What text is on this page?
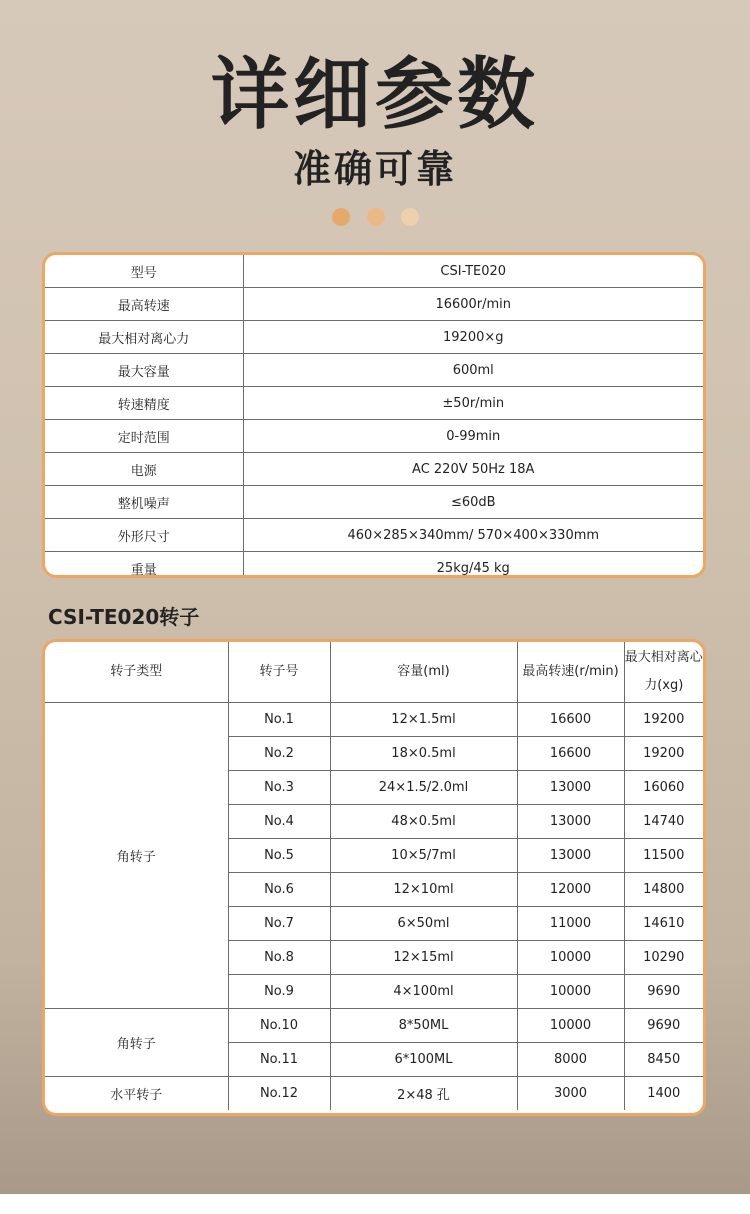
详细参数
准确可靠
型号	CSI-TE020
最高转速	16600r/min
最大相对离心力	19200×g
最大容量	600ml
转速精度	±50r/min
定时范围	0-99min
电源	AC 220V 50Hz 18A
整机噪声	≤60dB
外形尺寸	460×285×340mm/ 570×400×330mm
重量	25kg/45 kg
CSI-TE020转子
转子类型	转子号	容量(ml)	最高转速(r/min)	最大相对离心力(xg)
角转子	No.1	12×1.5ml	16600	19200
	No.2	18×0.5ml	16600	19200
	No.3	24×1.5/2.0ml	13000	16060
	No.4	48×0.5ml	13000	14740
	No.5	10×5/7ml	13000	11500
	No.6	12×10ml	12000	14800
	No.7	6×50ml	11000	14610
	No.8	12×15ml	10000	10290
	No.9	4×100ml	10000	9690
角转子	No.10	8*50ML	10000	9690
	No.11	6*100ML	8000	8450
水平转子	No.12	2×48 孔	3000	1400
